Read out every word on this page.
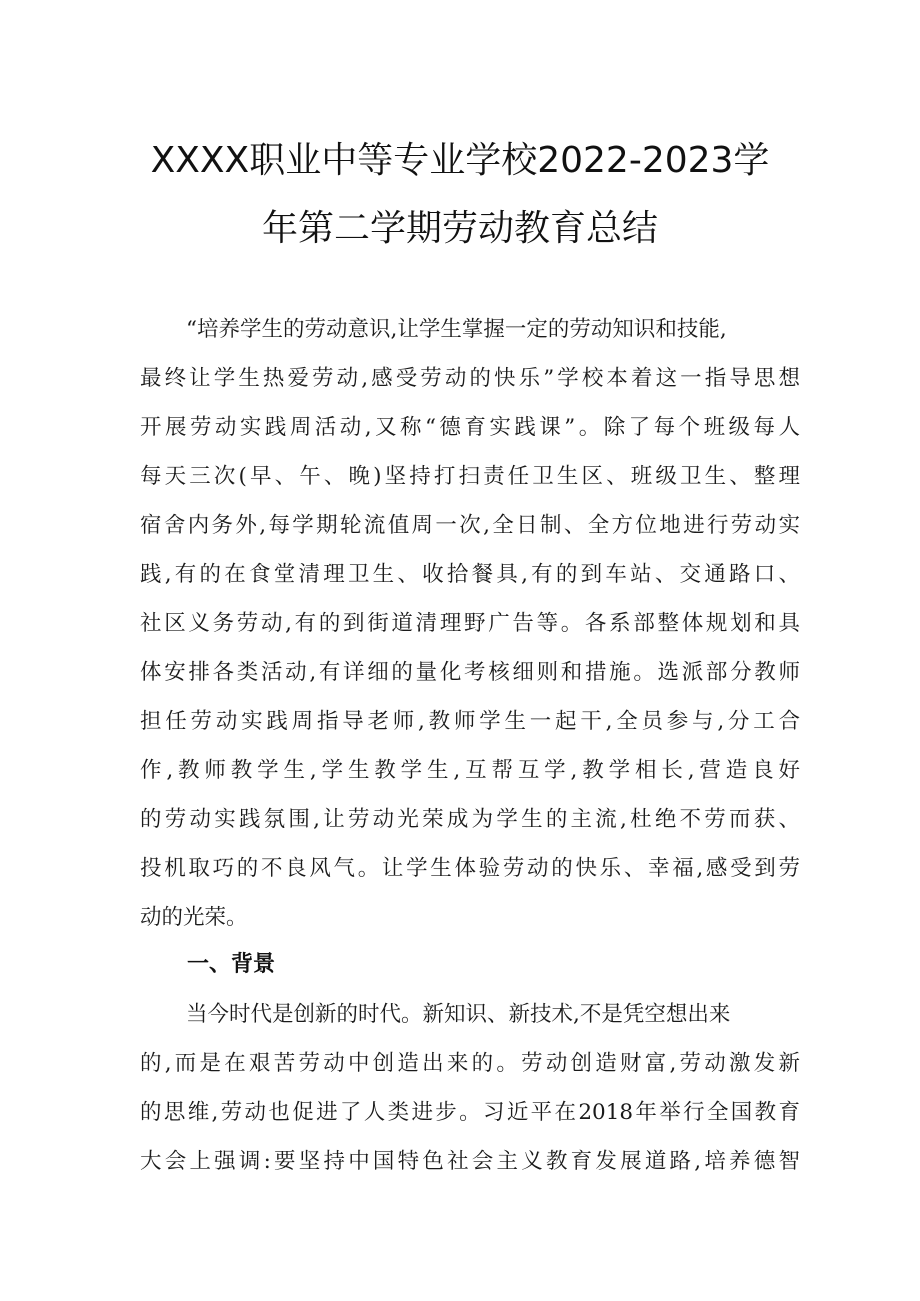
XXXX职业中等专业学校2022-2023学
年第二学期劳动教育总结
“培养学生的劳动意识,让学生掌握一定的劳动知识和技能,
最终让学生热爱劳动,感受劳动的快乐”学校本着这一指导思想
开展劳动实践周活动,又称“德育实践课”。除了每个班级每人
每天三次(早、午、晚)坚持打扫责任卫生区、班级卫生、整理
宿舍内务外,每学期轮流值周一次,全日制、全方位地进行劳动实
践,有的在食堂清理卫生、收拾餐具,有的到车站、交通路口、
社区义务劳动,有的到街道清理野广告等。各系部整体规划和具
体安排各类活动,有详细的量化考核细则和措施。选派部分教师
担任劳动实践周指导老师,教师学生一起干,全员参与,分工合
作,教师教学生,学生教学生,互帮互学,教学相长,营造良好
的劳动实践氛围,让劳动光荣成为学生的主流,杜绝不劳而获、
投机取巧的不良风气。让学生体验劳动的快乐、幸福,感受到劳
动的光荣。
一、背景
当今时代是创新的时代。新知识、新技术,不是凭空想出来
的,而是在艰苦劳动中创造出来的。劳动创造财富,劳动激发新
的思维,劳动也促进了人类进步。习近平在2018年举行全国教育
大会上强调:要坚持中国特色社会主义教育发展道路,培养德智
